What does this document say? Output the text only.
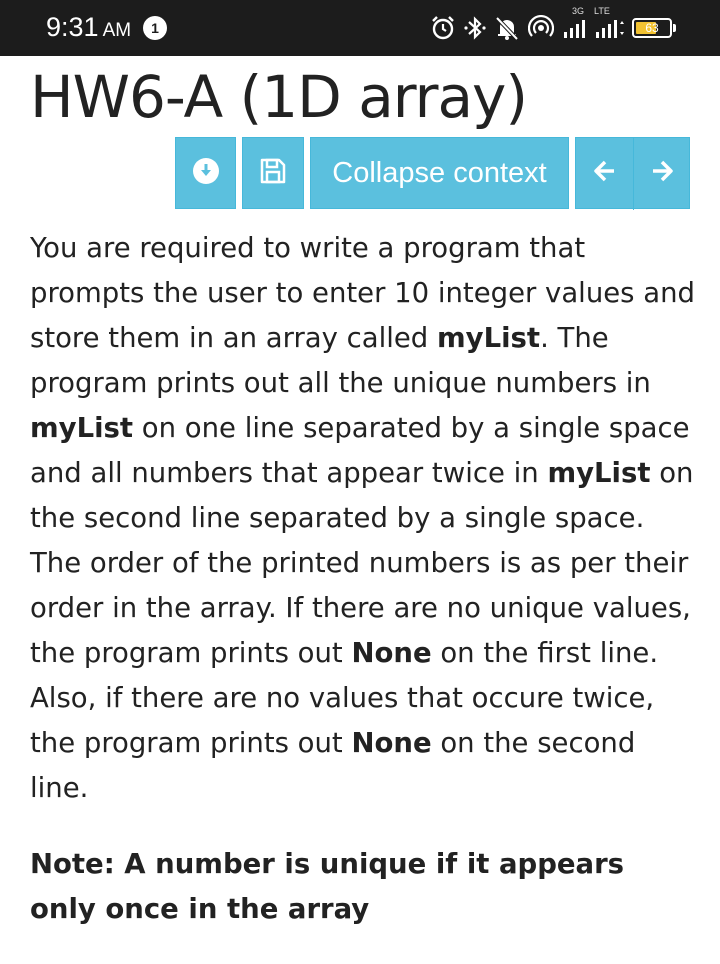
9:31 AM	1
3G LTE
63
HW6-A (1D array)
Collapse context

You are required to write a program that prompts the user to enter 10 integer values and store them in an array called myList. The program prints out all the unique numbers in myList on one line separated by a single space and all numbers that appear twice in myList on the second line separated by a single space. The order of the printed numbers is as per their order in the array. If there are no unique values, the program prints out None on the first line. Also, if there are no values that occure twice, the program prints out None on the second line.

Note: A number is unique if it appears only once in the array
